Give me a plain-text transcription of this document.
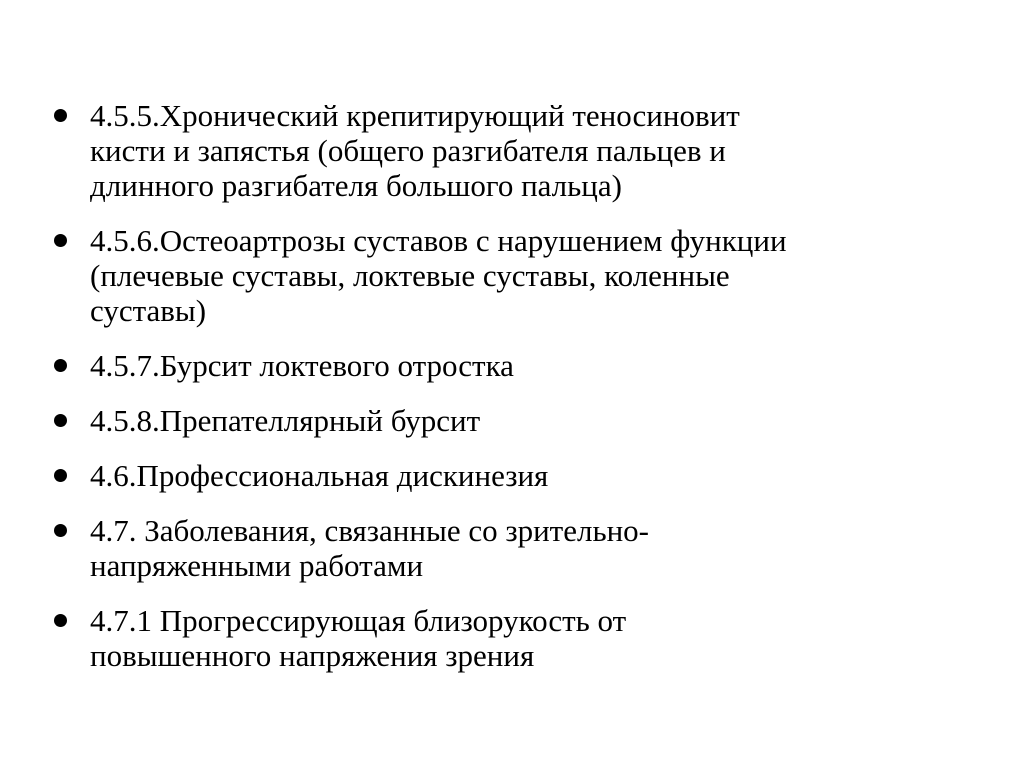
4.5.5.Хронический крепитирующий теносиновит
кисти и запястья (общего разгибателя пальцев и
длинного разгибателя большого пальца)
4.5.6.Остеоартрозы суставов с нарушением функции
(плечевые суставы, локтевые суставы, коленные
суставы)
4.5.7.Бурсит локтевого отростка
4.5.8.Препателлярный бурсит
4.6.Профессиональная дискинезия
4.7. Заболевания, связанные со зрительно-
напряженными работами
4.7.1 Прогрессирующая близорукость от
повышенного напряжения зрения
